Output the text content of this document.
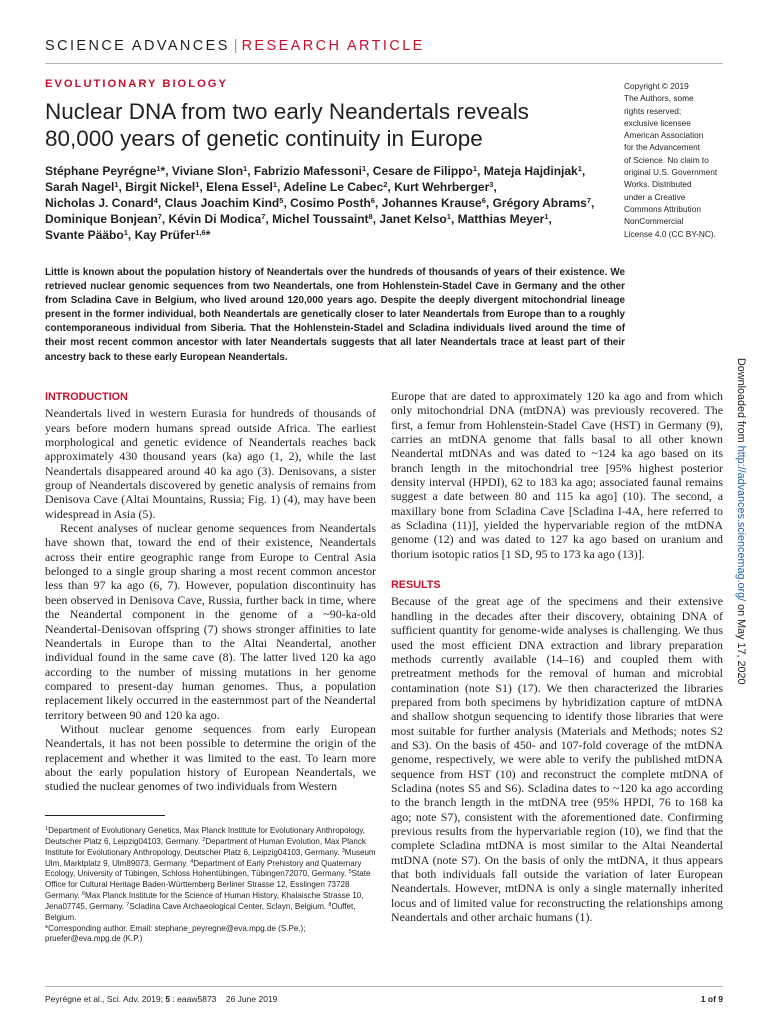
SCIENCE ADVANCES | RESEARCH ARTICLE
EVOLUTIONARY BIOLOGY
Nuclear DNA from two early Neandertals reveals 80,000 years of genetic continuity in Europe
Stéphane Peyrégne$^1$*, Viviane Slon$^1$, Fabrizio Mafessoni$^1$, Cesare de Filippo$^1$, Mateja Hajdinjak$^1$, Sarah Nagel$^1$, Birgit Nickel$^1$, Elena Essel$^1$, Adeline Le Cabec$^2$, Kurt Wehrberger$^3$, Nicholas J. Conard$^4$, Claus Joachim Kind$^5$, Cosimo Posth$^6$, Johannes Krause$^6$, Grégory Abrams$^7$, Dominique Bonjean$^7$, Kévin Di Modica$^7$, Michel Toussaint$^8$, Janet Kelso$^1$, Matthias Meyer$^1$, Svante Pääbo$^1$, Kay Prüfer$^{1,6}$*
Copyright © 2019
The Authors, some
rights reserved;
exclusive licensee
American Association
for the Advancement
of Science. No claim to
original U.S. Government
Works. Distributed
under a Creative
Commons Attribution
NonCommercial
License 4.0 (CC BY-NC).
Little is known about the population history of Neandertals over the hundreds of thousands of years of their existence. We retrieved nuclear genomic sequences from two Neandertals, one from Hohlenstein-Stadel Cave in Germany and the other from Scladina Cave in Belgium, who lived around 120,000 years ago. Despite the deeply divergent mitochondrial lineage present in the former individual, both Neandertals are genetically closer to later Neandertals from Europe than to a roughly contemporaneous individual from Siberia. That the Hohlenstein-Stadel and Scladina individuals lived around the time of their most recent common ancestor with later Neandertals suggests that all later Neandertals trace at least part of their ancestry back to these early European Neandertals.
INTRODUCTION

Neandertals lived in western Eurasia for hundreds of thousands of years before modern humans spread outside Africa. The earliest morphological and genetic evidence of Neandertals reaches back approximately 430 thousand years (ka) ago (1, 2), while the last Neandertals disappeared around 40 ka ago (3). Denisovans, a sister group of Neandertals discovered by genetic analysis of remains from Denisova Cave (Altai Mountains, Russia; Fig. 1) (4), may have been widespread in Asia (5).

Recent analyses of nuclear genome sequences from Neandertals have shown that, toward the end of their existence, Neandertals across their entire geographic range from Europe to Central Asia belonged to a single group sharing a most recent common ancestor less than 97 ka ago (6, 7). However, population discontinuity has been observed in Denisova Cave, Russia, further back in time, where the Neandertal component in the genome of a ~90-ka-old Neandertal-Denisovan offspring (7) shows stronger affinities to late Neandertals in Europe than to the Altai Neandertal, another individual found in the same cave (8). The latter lived 120 ka ago according to the number of missing mutations in her genome compared to present-day human genomes. Thus, a population replacement likely occurred in the easternmost part of the Neandertal territory between 90 and 120 ka ago.

Without nuclear genome sequences from early European Neandertals, it has not been possible to determine the origin of the replacement and whether it was limited to the east. To learn more about the early population history of European Neandertals, we studied the nuclear genomes of two individuals from Western

Europe that are dated to approximately 120 ka ago and from which only mitochondrial DNA (mtDNA) was previously recovered. The first, a femur from Hohlenstein-Stadel Cave (HST) in Germany (9), carries an mtDNA genome that falls basal to all other known Neandertal mtDNAs and was dated to ~124 ka ago based on its branch length in the mitochondrial tree [95% highest posterior density interval (HPDI), 62 to 183 ka ago; associated faunal remains suggest a date between 80 and 115 ka ago] (10). The second, a maxillary bone from Scladina Cave [Scladina I-4A, here referred to as Scladina (11)], yielded the hypervariable region of the mtDNA genome (12) and was dated to 127 ka ago based on uranium and thorium isotopic ratios [1 SD, 95 to 173 ka ago (13)].

RESULTS

Because of the great age of the specimens and their extensive handling in the decades after their discovery, obtaining DNA of sufficient quantity for genome-wide analyses is challenging. We thus used the most efficient DNA extraction and library preparation methods currently available (14–16) and coupled them with pretreatment methods for the removal of human and microbial contamination (note S1) (17). We then characterized the libraries prepared from both specimens by hybridization capture of mtDNA and shallow shotgun sequencing to identify those libraries that were most suitable for further analysis (Materials and Methods; notes S2 and S3). On the basis of 450- and 107-fold coverage of the mtDNA genome, respectively, we were able to verify the published mtDNA sequence from HST (10) and reconstruct the complete mtDNA of Scladina (notes S5 and S6). Scladina dates to ~120 ka ago according to the branch length in the mtDNA tree (95% HPDI, 76 to 168 ka ago; note S7), consistent with the aforementioned date. Confirming previous results from the hypervariable region (10), we find that the complete Scladina mtDNA is most similar to the Altai Neandertal mtDNA (note S7). On the basis of only the mtDNA, it thus appears that both individuals fall outside the variation of later European Neandertals. However, mtDNA is only a single maternally inherited locus and of limited value for reconstructing the relationships among Neandertals and other archaic humans (1).

$^1$Department of Evolutionary Genetics, Max Planck Institute for Evolutionary Anthropology, Deutscher Platz 6, Leipzig04103, Germany. $^2$Department of Human Evolution, Max Planck Institute for Evolutionary Anthropology, Deutscher Platz 6, Leipzig04103, Germany. $^3$Museum Ulm, Marktplatz 9, Ulm89073, Germany. $^4$Department of Early Prehistory and Quaternary Ecology, University of Tübingen, Schloss Hohentübingen, Tübingen72070, Germany. $^5$State Office for Cultural Heritage Baden-Württemberg Berliner Strasse 12, Esslingen 73728 Germany. $^6$Max Planck Institute for the Science of Human History, Khalaische Strasse 10, Jena07745, Germany. $^7$Scladina Cave Archaeological Center, Sclayn, Belgium. $^8$Ouffet, Belgium.
*Corresponding author. Email: stephane_peyregne@eva.mpg.de (S.Pe.); pruefer@eva.mpg.de (K.P.)
Peyrégne et al., Sci. Adv. 2019; 5 : eaaw5873 26 June 2019	1 of 9
Downloaded from http://advances.sciencemag.org/ on May 17, 2020
